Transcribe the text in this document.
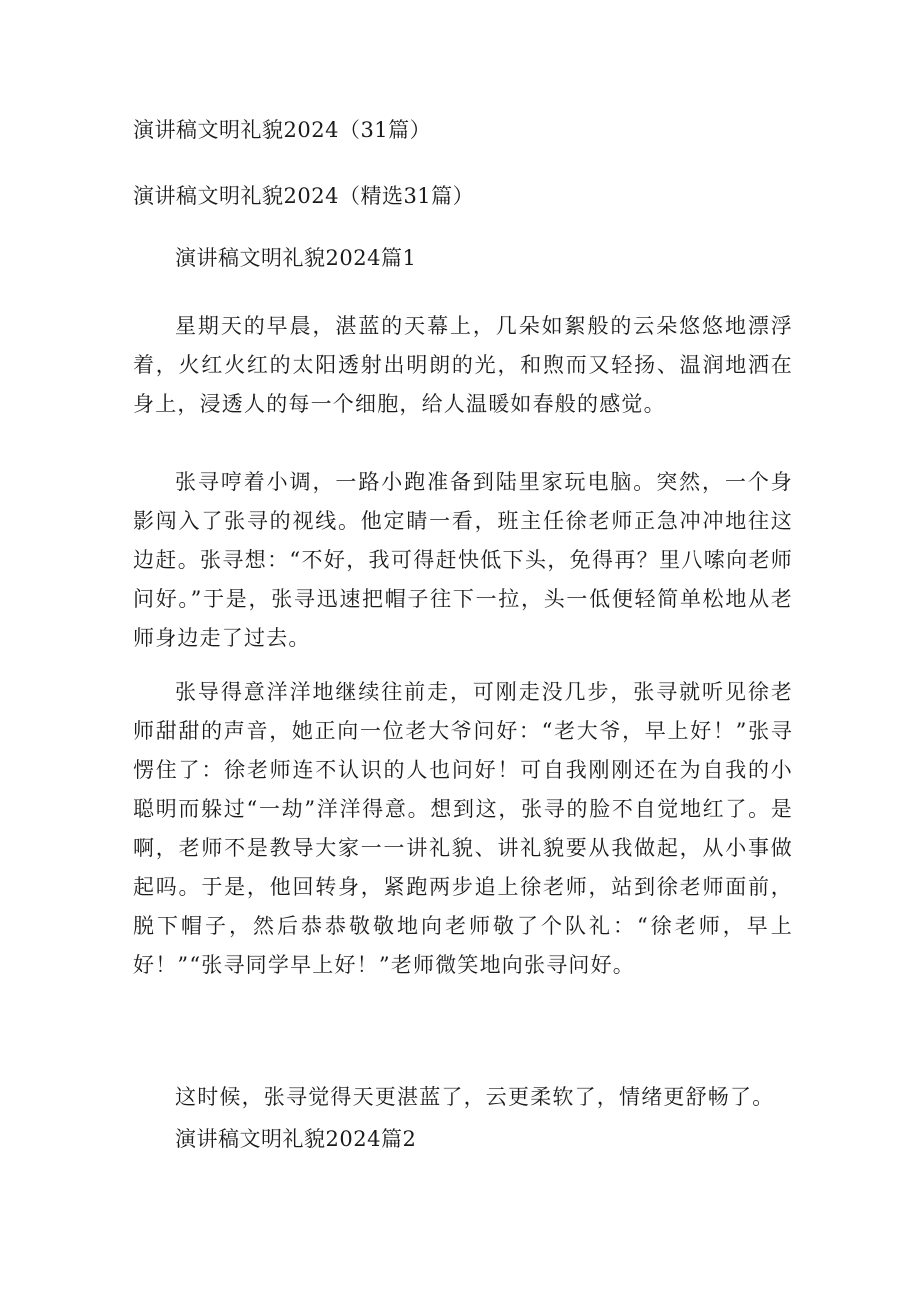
演讲稿文明礼貌2024（31篇）
演讲稿文明礼貌2024（精选31篇）
演讲稿文明礼貌2024篇1

星期天的早晨，湛蓝的天幕上，几朵如絮般的云朵悠悠地漂浮着，火红火红的太阳透射出明朗的光，和煦而又轻扬、温润地洒在身上，浸透人的每一个细胞，给人温暖如春般的感觉。

张寻哼着小调，一路小跑准备到陆里家玩电脑。突然，一个身影闯入了张寻的视线。他定睛一看，班主任徐老师正急冲冲地往这边赶。张寻想：“不好，我可得赶快低下头，免得再？里八嗦向老师问好。”于是，张寻迅速把帽子往下一拉，头一低便轻简单松地从老师身边走了过去。

张导得意洋洋地继续往前走，可刚走没几步，张寻就听见徐老师甜甜的声音，她正向一位老大爷问好：“老大爷，早上好！”张寻愣住了：徐老师连不认识的人也问好！可自我刚刚还在为自我的小聪明而躲过“一劫”洋洋得意。想到这，张寻的脸不自觉地红了。是啊，老师不是教导大家一一讲礼貌、讲礼貌要从我做起，从小事做起吗。于是，他回转身，紧跑两步追上徐老师，站到徐老师面前，脱下帽子，然后恭恭敬敬地向老师敬了个队礼：“徐老师，早上好！”“张寻同学早上好！”老师微笑地向张寻问好。

这时候，张寻觉得天更湛蓝了，云更柔软了，情绪更舒畅了。

演讲稿文明礼貌2024篇2
